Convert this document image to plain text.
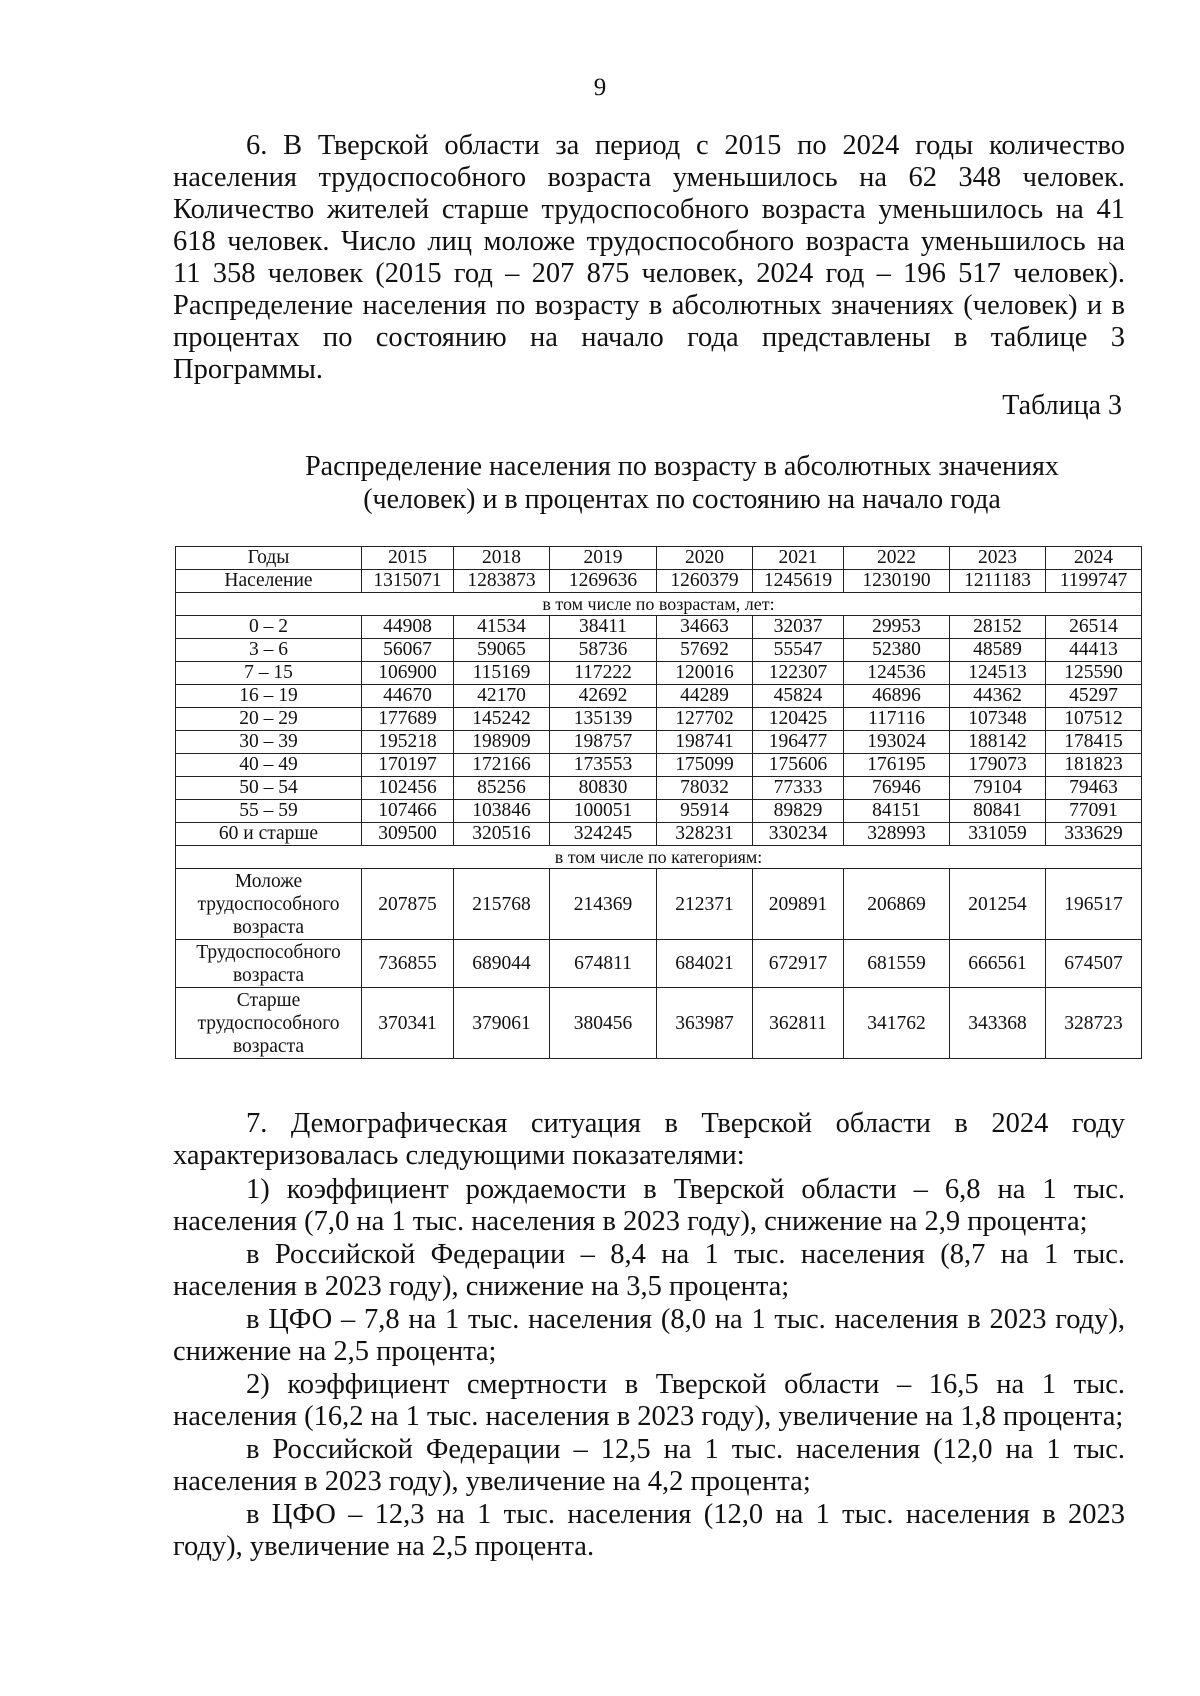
9

6. В Тверской области за период с 2015 по 2024 годы количество населения трудоспособного возраста уменьшилось на 62 348 человек. Количество жителей старше трудоспособного возраста уменьшилось на 41 618 человек. Число лиц моложе трудоспособного возраста уменьшилось на 11 358 человек (2015 год – 207 875 человек, 2024 год – 196 517 человек). Распределение населения по возрасту в абсолютных значениях (человек) и в процентах по состоянию на начало года представлены в таблице 3 Программы.

Таблица 3
Распределение населения по возрасту в абсолютных значениях
(человек) и в процентах по состоянию на начало года
Годы	2015	2018	2019	2020	2021	2022	2023	2024
Население	1315071	1283873	1269636	1260379	1245619	1230190	1211183	1199747
в том числе по возрастам, лет:								
0 – 2	44908	41534	38411	34663	32037	29953	28152	26514
3 – 6	56067	59065	58736	57692	55547	52380	48589	44413
7 – 15	106900	115169	117222	120016	122307	124536	124513	125590
16 – 19	44670	42170	42692	44289	45824	46896	44362	45297
20 – 29	177689	145242	135139	127702	120425	117116	107348	107512
30 – 39	195218	198909	198757	198741	196477	193024	188142	178415
40 – 49	170197	172166	173553	175099	175606	176195	179073	181823
50 – 54	102456	85256	80830	78032	77333	76946	79104	79463
55 – 59	107466	103846	100051	95914	89829	84151	80841	77091
60 и старше	309500	320516	324245	328231	330234	328993	331059	333629
в том числе по категориям:								
Моложе трудоспособного возраста	207875	215768	214369	212371	209891	206869	201254	196517
Трудоспособного возраста	736855	689044	674811	684021	672917	681559	666561	674507
Старше трудоспособного возраста	370341	379061	380456	363987	362811	341762	343368	328723

7. Демографическая ситуация в Тверской области в 2024 году характеризовалась следующими показателями:

1) коэффициент рождаемости в Тверской области – 6,8 на 1 тыс. населения (7,0 на 1 тыс. населения в 2023 году), снижение на 2,9 процента;

в Российской Федерации – 8,4 на 1 тыс. населения (8,7 на 1 тыс. населения в 2023 году), снижение на 3,5 процента;

в ЦФО – 7,8 на 1 тыс. населения (8,0 на 1 тыс. населения в 2023 году), снижение на 2,5 процента;

2) коэффициент смертности в Тверской области – 16,5 на 1 тыс. населения (16,2 на 1 тыс. населения в 2023 году), увеличение на 1,8 процента;

в Российской Федерации – 12,5 на 1 тыс. населения (12,0 на 1 тыс. населения в 2023 году), увеличение на 4,2 процента;

в ЦФО – 12,3 на 1 тыс. населения (12,0 на 1 тыс. населения в 2023 году), увеличение на 2,5 процента.
